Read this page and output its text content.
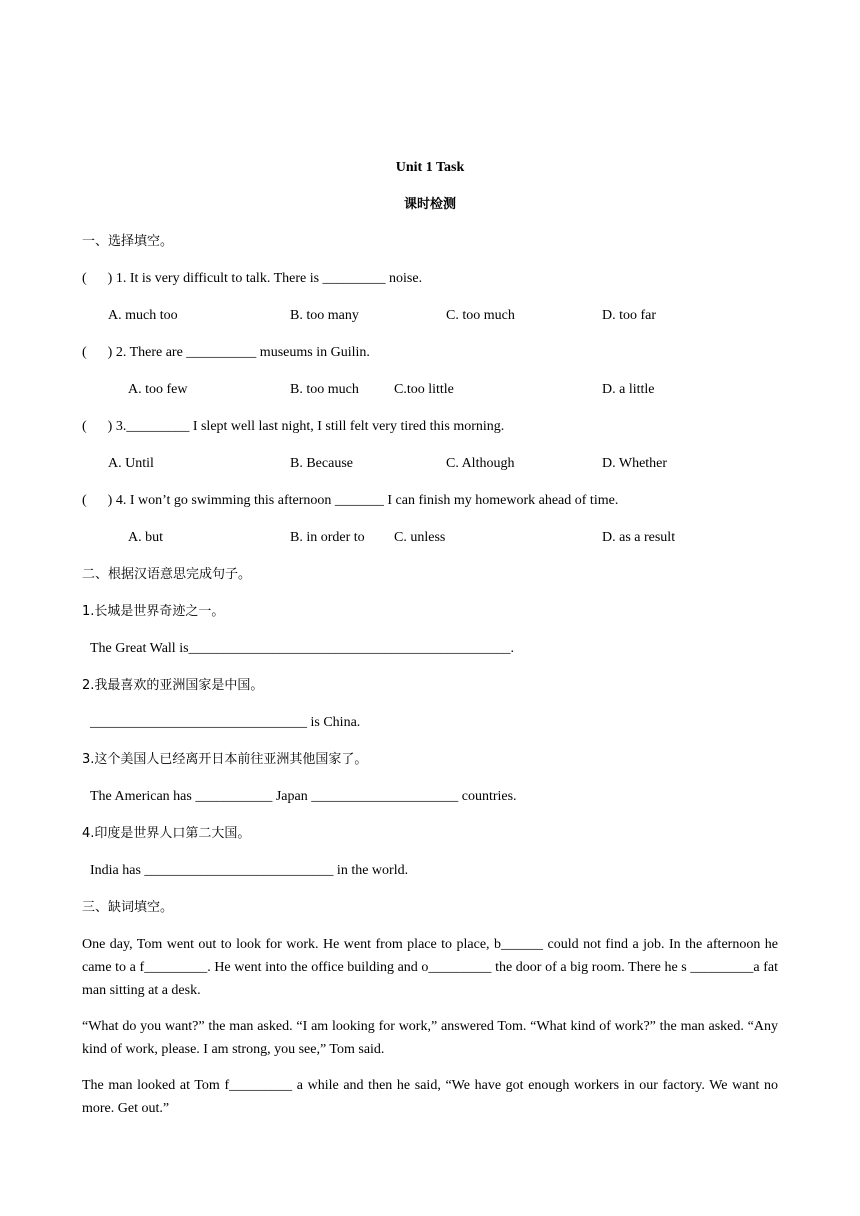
Unit 1 Task
课时检测
一、选择填空。
(      ) 1. It is very difficult to talk. There is _________ noise.
A. much too	B. too many	C. too much	D. too far
(      ) 2. There are __________ museums in Guilin.
A. too few	B. too much	C.too little	D. a little
(      ) 3._________ I slept well last night, I still felt very tired this morning.
A. Until	B. Because	C. Although	D. Whether
(      ) 4. I won’t go swimming this afternoon _______ I can finish my homework ahead of time.
A. but	B. in order to C. unless	D. as a result
二、根据汉语意思完成句子。
1.长城是世界奇迹之一。
The Great Wall is______________________________________________.
2.我最喜欢的亚洲国家是中国。
_______________________________ is China.
3.这个美国人已经离开日本前往亚洲其他国家了。
The American has ___________ Japan _____________________ countries.
4.印度是世界人口第二大国。
India has ___________________________ in the world.
三、缺词填空。
One day, Tom went out to look for work. He went from place to place, b______ could not find a job. In the afternoon he came to a f_________. He went into the office building and o_________ the door of a big room. There he s _________a fat man sitting at a desk.
“What do you want?” the man asked. “I am looking for work,” answered Tom. “What kind of work?” the man asked. “Any kind of work, please. I am strong, you see,” Tom said.
The man looked at Tom f_________ a while and then he said, “We have got enough workers in our factory. We want no more. Get out.”
